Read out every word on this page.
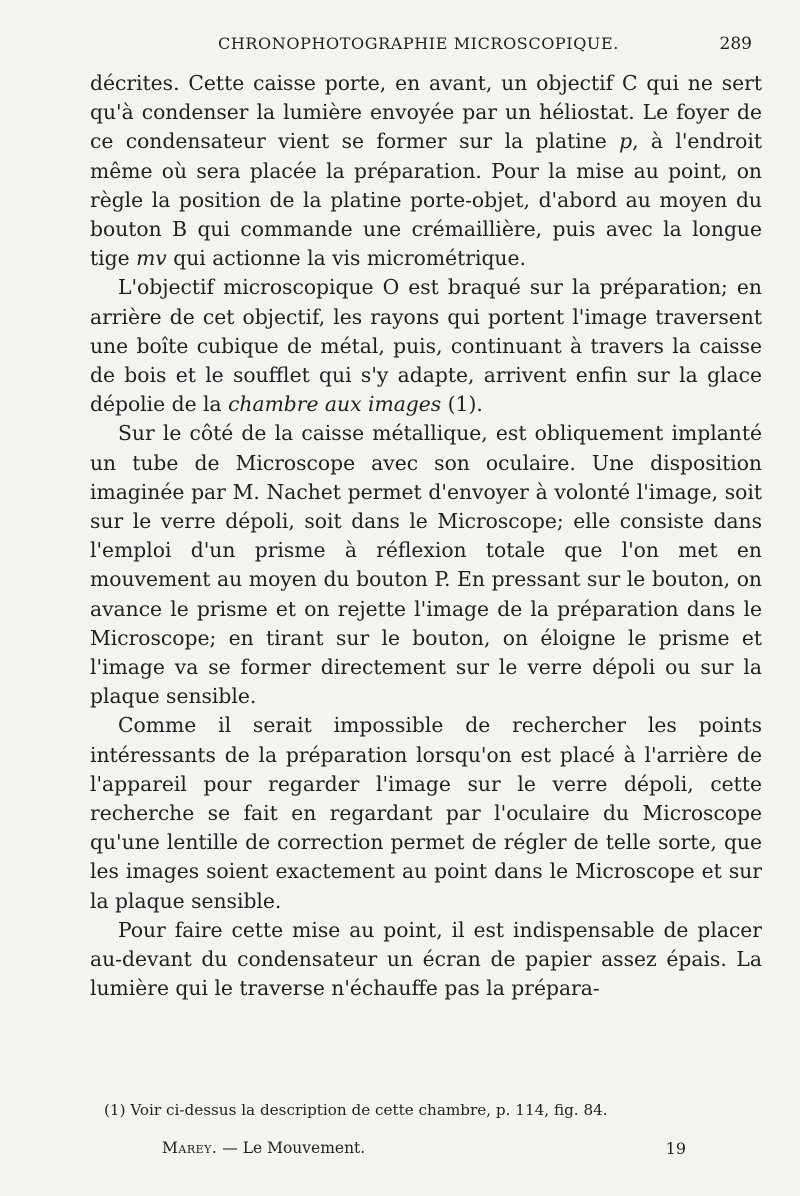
CHRONOPHOTOGRAPHIE MICROSCOPIQUE.	289

décrites. Cette caisse porte, en avant, un objectif C qui ne sert qu'à condenser la lumière envoyée par un héliostat. Le foyer de ce condensateur vient se former sur la platine p, à l'endroit même où sera placée la préparation. Pour la mise au point, on règle la position de la platine porte-objet, d'abord au moyen du bouton B qui commande une crémaillière, puis avec la longue tige mv qui actionne la vis micrométrique.

L'objectif microscopique O est braqué sur la préparation; en arrière de cet objectif, les rayons qui portent l'image traversent une boîte cubique de métal, puis, continuant à travers la caisse de bois et le soufflet qui s'y adapte, arrivent enfin sur la glace dépolie de la chambre aux images (1).

Sur le côté de la caisse métallique, est obliquement implanté un tube de Microscope avec son oculaire. Une disposition imaginée par M. Nachet permet d'envoyer à volonté l'image, soit sur le verre dépoli, soit dans le Microscope; elle consiste dans l'emploi d'un prisme à réflexion totale que l'on met en mouvement au moyen du bouton P. En pressant sur le bouton, on avance le prisme et on rejette l'image de la préparation dans le Microscope; en tirant sur le bouton, on éloigne le prisme et l'image va se former directement sur le verre dépoli ou sur la plaque sensible.

Comme il serait impossible de rechercher les points intéressants de la préparation lorsqu'on est placé à l'arrière de l'appareil pour regarder l'image sur le verre dépoli, cette recherche se fait en regardant par l'oculaire du Microscope qu'une lentille de correction permet de régler de telle sorte, que les images soient exactement au point dans le Microscope et sur la plaque sensible.

Pour faire cette mise au point, il est indispensable de placer au-devant du condensateur un écran de papier assez épais. La lumière qui le traverse n'échauffe pas la prépara-

(1) Voir ci-dessus la description de cette chambre, p. 114, fig. 84.
Marey. — Le Mouvement.	19
